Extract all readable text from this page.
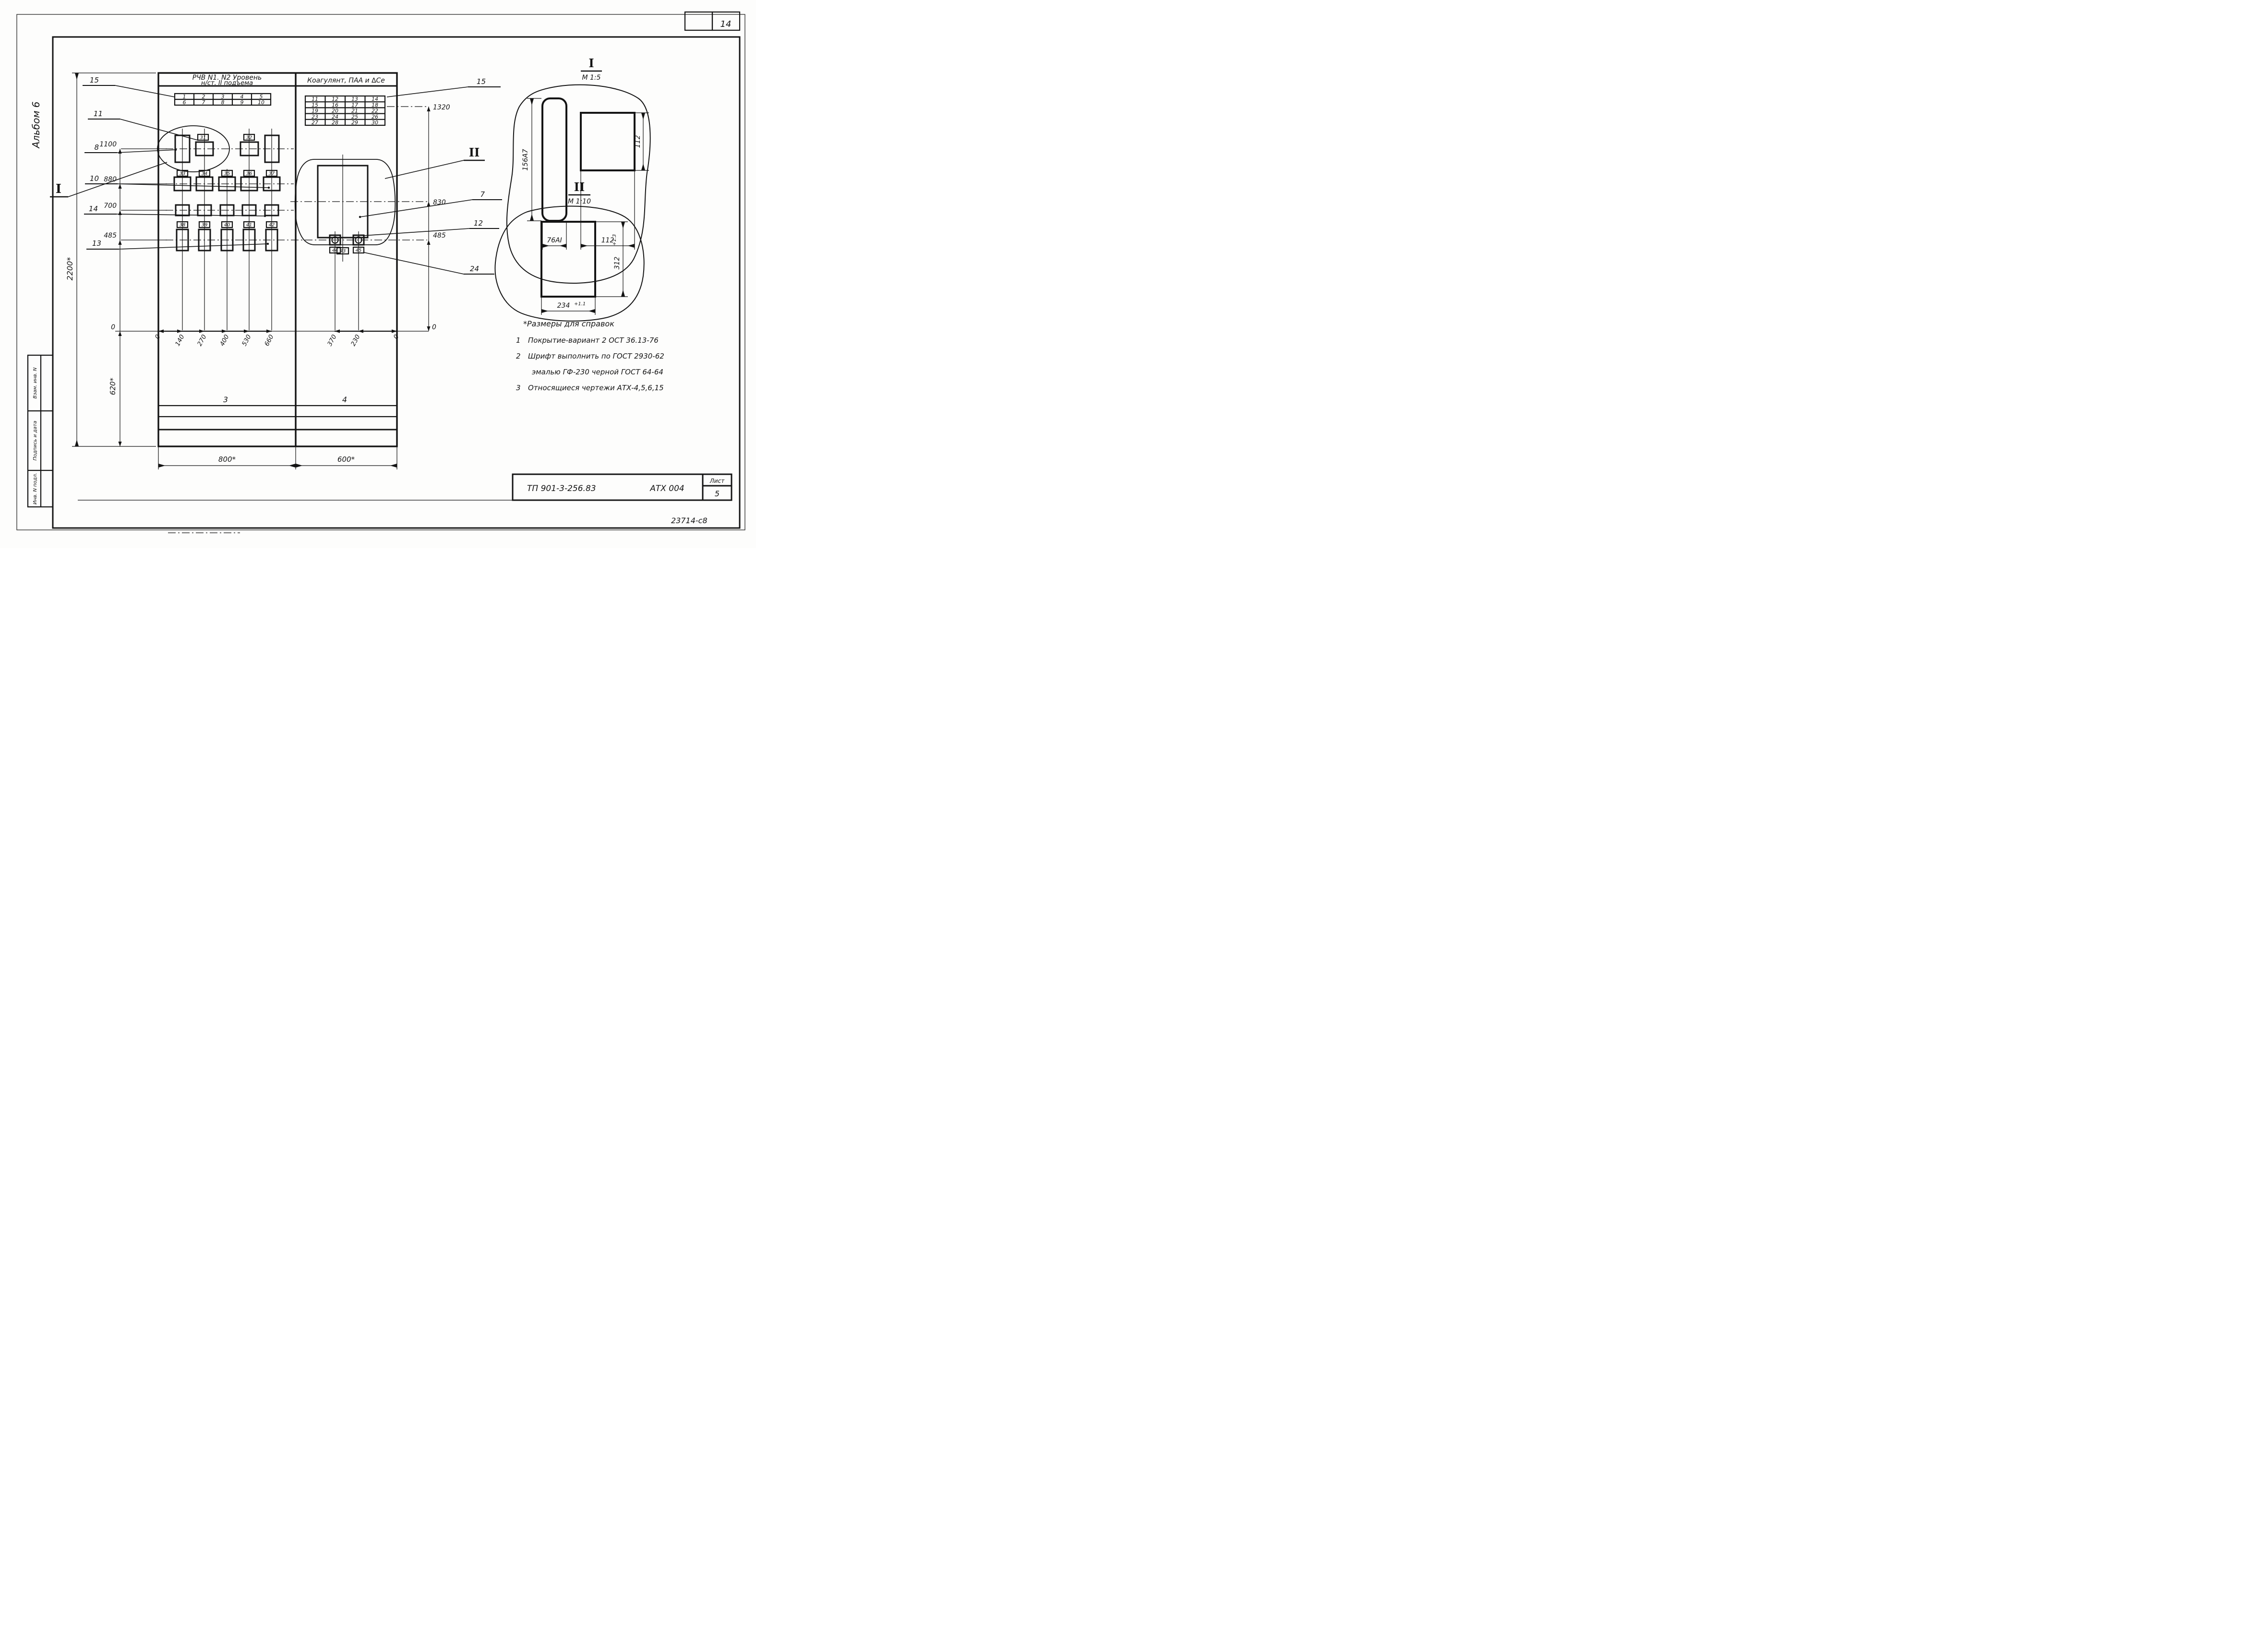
14
Альбом 6
Взам. инв. N
Подпись и дата
Инв. N подл.
РЧВ N1. N2 Уровень
н/ст. II подъема	Коагулянт, ПАА и ∆Се
1	2	3	4	5
6	7	8	9	10
11	12 13	14
15	16 17	18
19	20 21	22
23	24 25	26
27	28 29	30
31	32
33	34	35	36	37
38	39	40	41	42
43
44	45
3	4
2200*
1100
880
700
485
0
620*
1320
830
485
0
0 140 270 400 530 660	370 230	0
800*	600*
15
11
8
I
10
14
13
15
II
7
12
24
I
М 1:5
156А7
112
76АI	112
II
М 1:10
312
+1.3
234 +1.1
*Размеры для справок
1 Покрытие-вариант 2 ОСТ 36.13-76
2 Шрифт выполнить по ГОСТ 2930-62
эмалью ГФ-230 черной ГОСТ 64-64
3 Относящиеся чертежи АТХ-4,5,6,15
ТП 901-3-256.83	АТХ 004
Лист
5
23714-с8
